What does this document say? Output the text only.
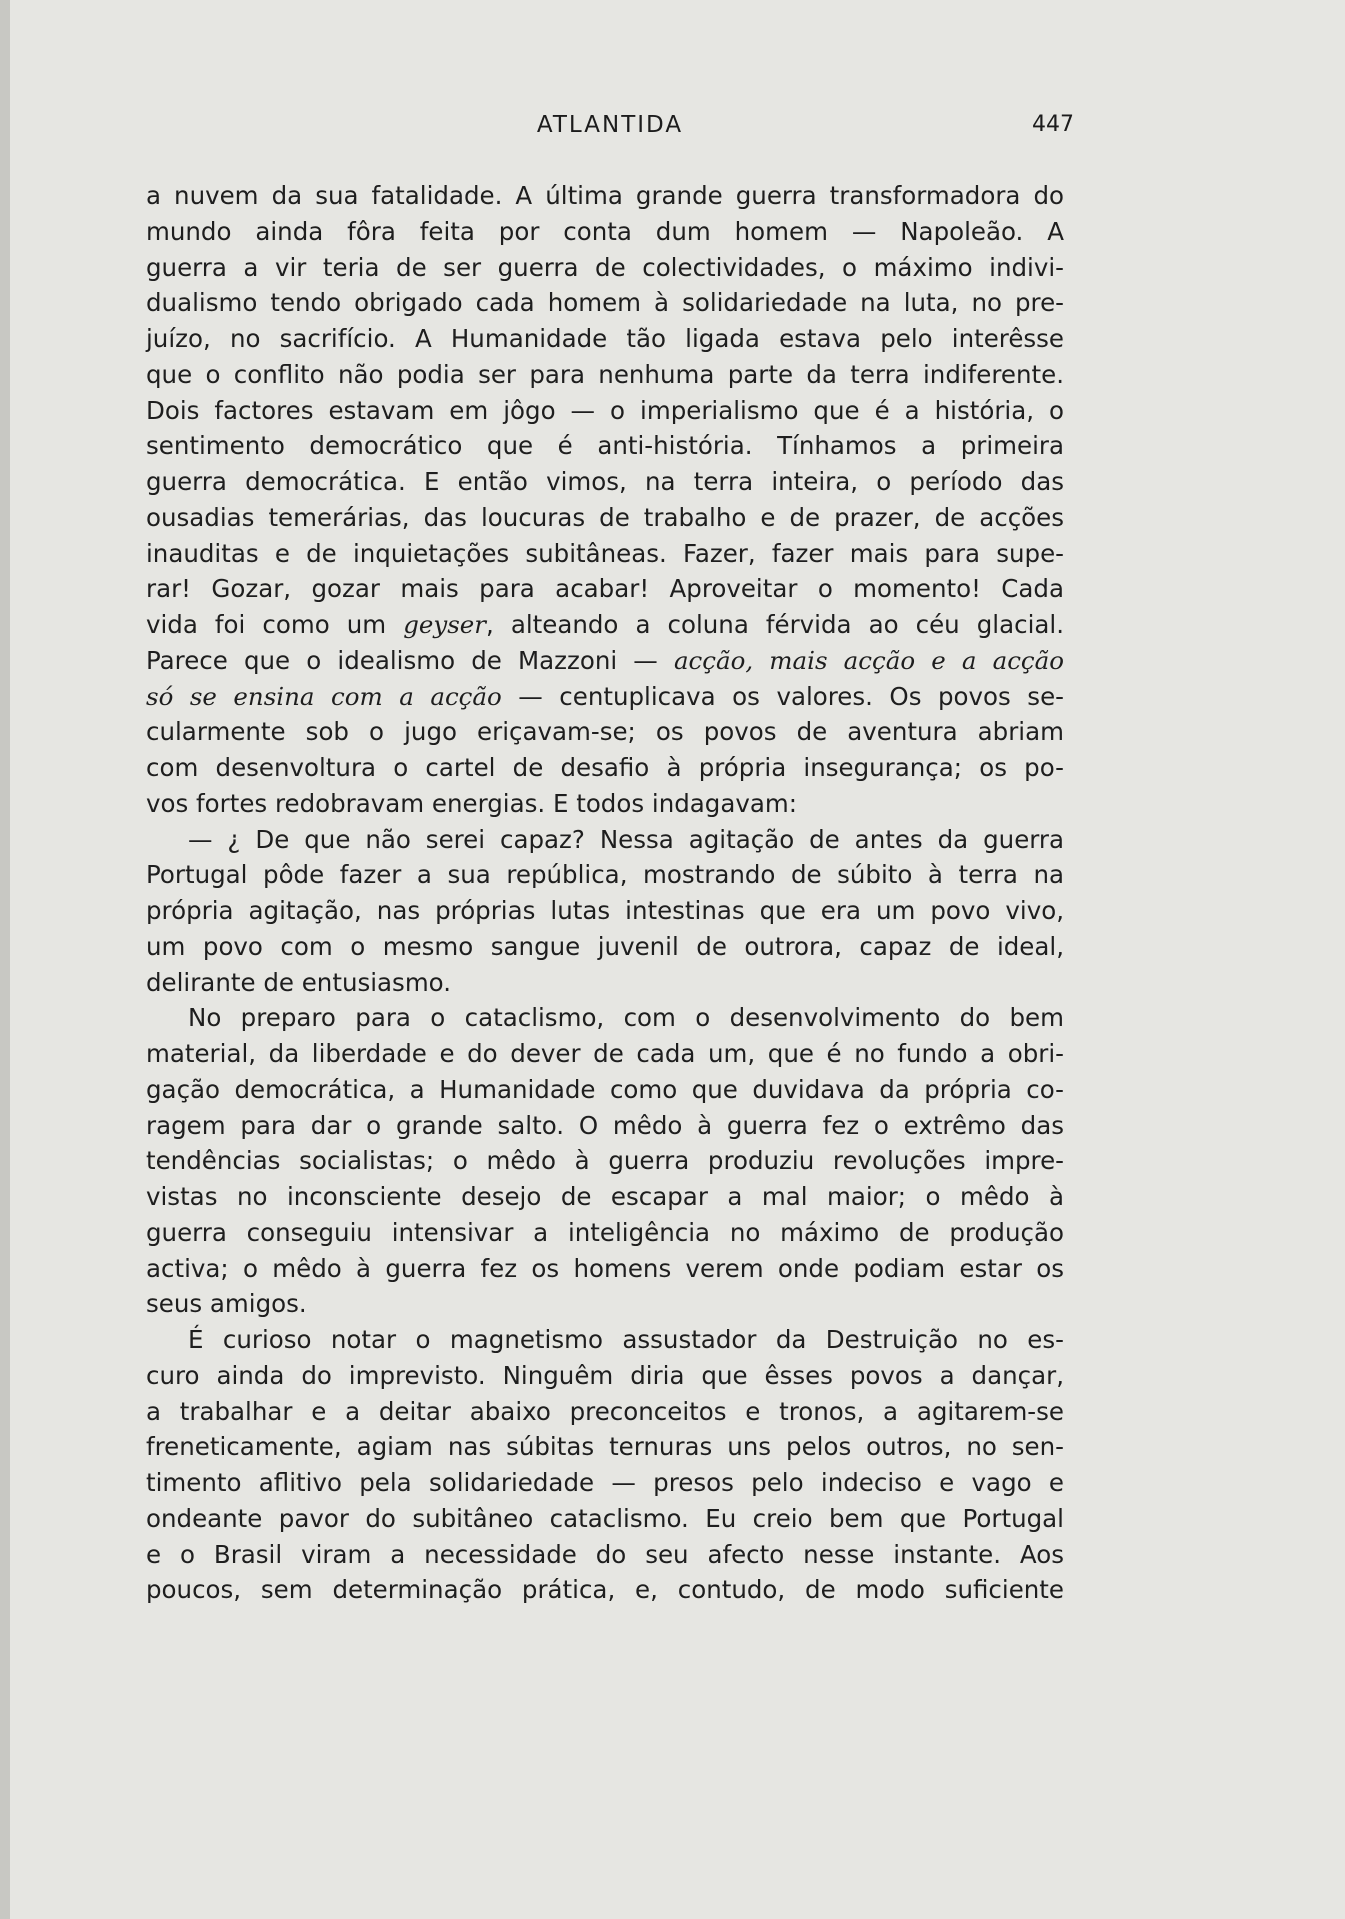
ATLANTIDA	447
a nuvem da sua fatalidade. A última grande guerra transformadora do
mundo ainda fôra feita por conta dum homem — Napoleão. A
guerra a vir teria de ser guerra de colectividades, o máximo indivi-
dualismo tendo obrigado cada homem à solidariedade na luta, no pre-
juízo, no sacrifício. A Humanidade tão ligada estava pelo interêsse
que o conflito não podia ser para nenhuma parte da terra indiferente.
Dois factores estavam em jôgo — o imperialismo que é a história, o
sentimento democrático que é anti-história. Tínhamos a primeira
guerra democrática. E então vimos, na terra inteira, o período das
ousadias temerárias, das loucuras de trabalho e de prazer, de acções
inauditas e de inquietações subitâneas. Fazer, fazer mais para supe-
rar! Gozar, gozar mais para acabar! Aproveitar o momento! Cada
vida foi como um geyser, alteando a coluna férvida ao céu glacial.
Parece que o idealismo de Mazzoni — acção, mais acção e a acção
só se ensina com a acção — centuplicava os valores. Os povos se-
cularmente sob o jugo eriçavam-se; os povos de aventura abriam
com desenvoltura o cartel de desafio à própria insegurança; os po-
vos fortes redobravam energias. E todos indagavam:
— ¿ De que não serei capaz? Nessa agitação de antes da guerra
Portugal pôde fazer a sua república, mostrando de súbito à terra na
própria agitação, nas próprias lutas intestinas que era um povo vivo,
um povo com o mesmo sangue juvenil de outrora, capaz de ideal,
delirante de entusiasmo.
No preparo para o cataclismo, com o desenvolvimento do bem
material, da liberdade e do dever de cada um, que é no fundo a obri-
gação democrática, a Humanidade como que duvidava da própria co-
ragem para dar o grande salto. O mêdo à guerra fez o extrêmo das
tendências socialistas; o mêdo à guerra produziu revoluções impre-
vistas no inconsciente desejo de escapar a mal maior; o mêdo à
guerra conseguiu intensivar a inteligência no máximo de produção
activa; o mêdo à guerra fez os homens verem onde podiam estar os
seus amigos.
É curioso notar o magnetismo assustador da Destruição no es-
curo ainda do imprevisto. Ninguêm diria que êsses povos a dançar,
a trabalhar e a deitar abaixo preconceitos e tronos, a agitarem-se
freneticamente, agiam nas súbitas ternuras uns pelos outros, no sen-
timento aflitivo pela solidariedade — presos pelo indeciso e vago e
ondeante pavor do subitâneo cataclismo. Eu creio bem que Portugal
e o Brasil viram a necessidade do seu afecto nesse instante. Aos
poucos, sem determinação prática, e, contudo, de modo suficiente
